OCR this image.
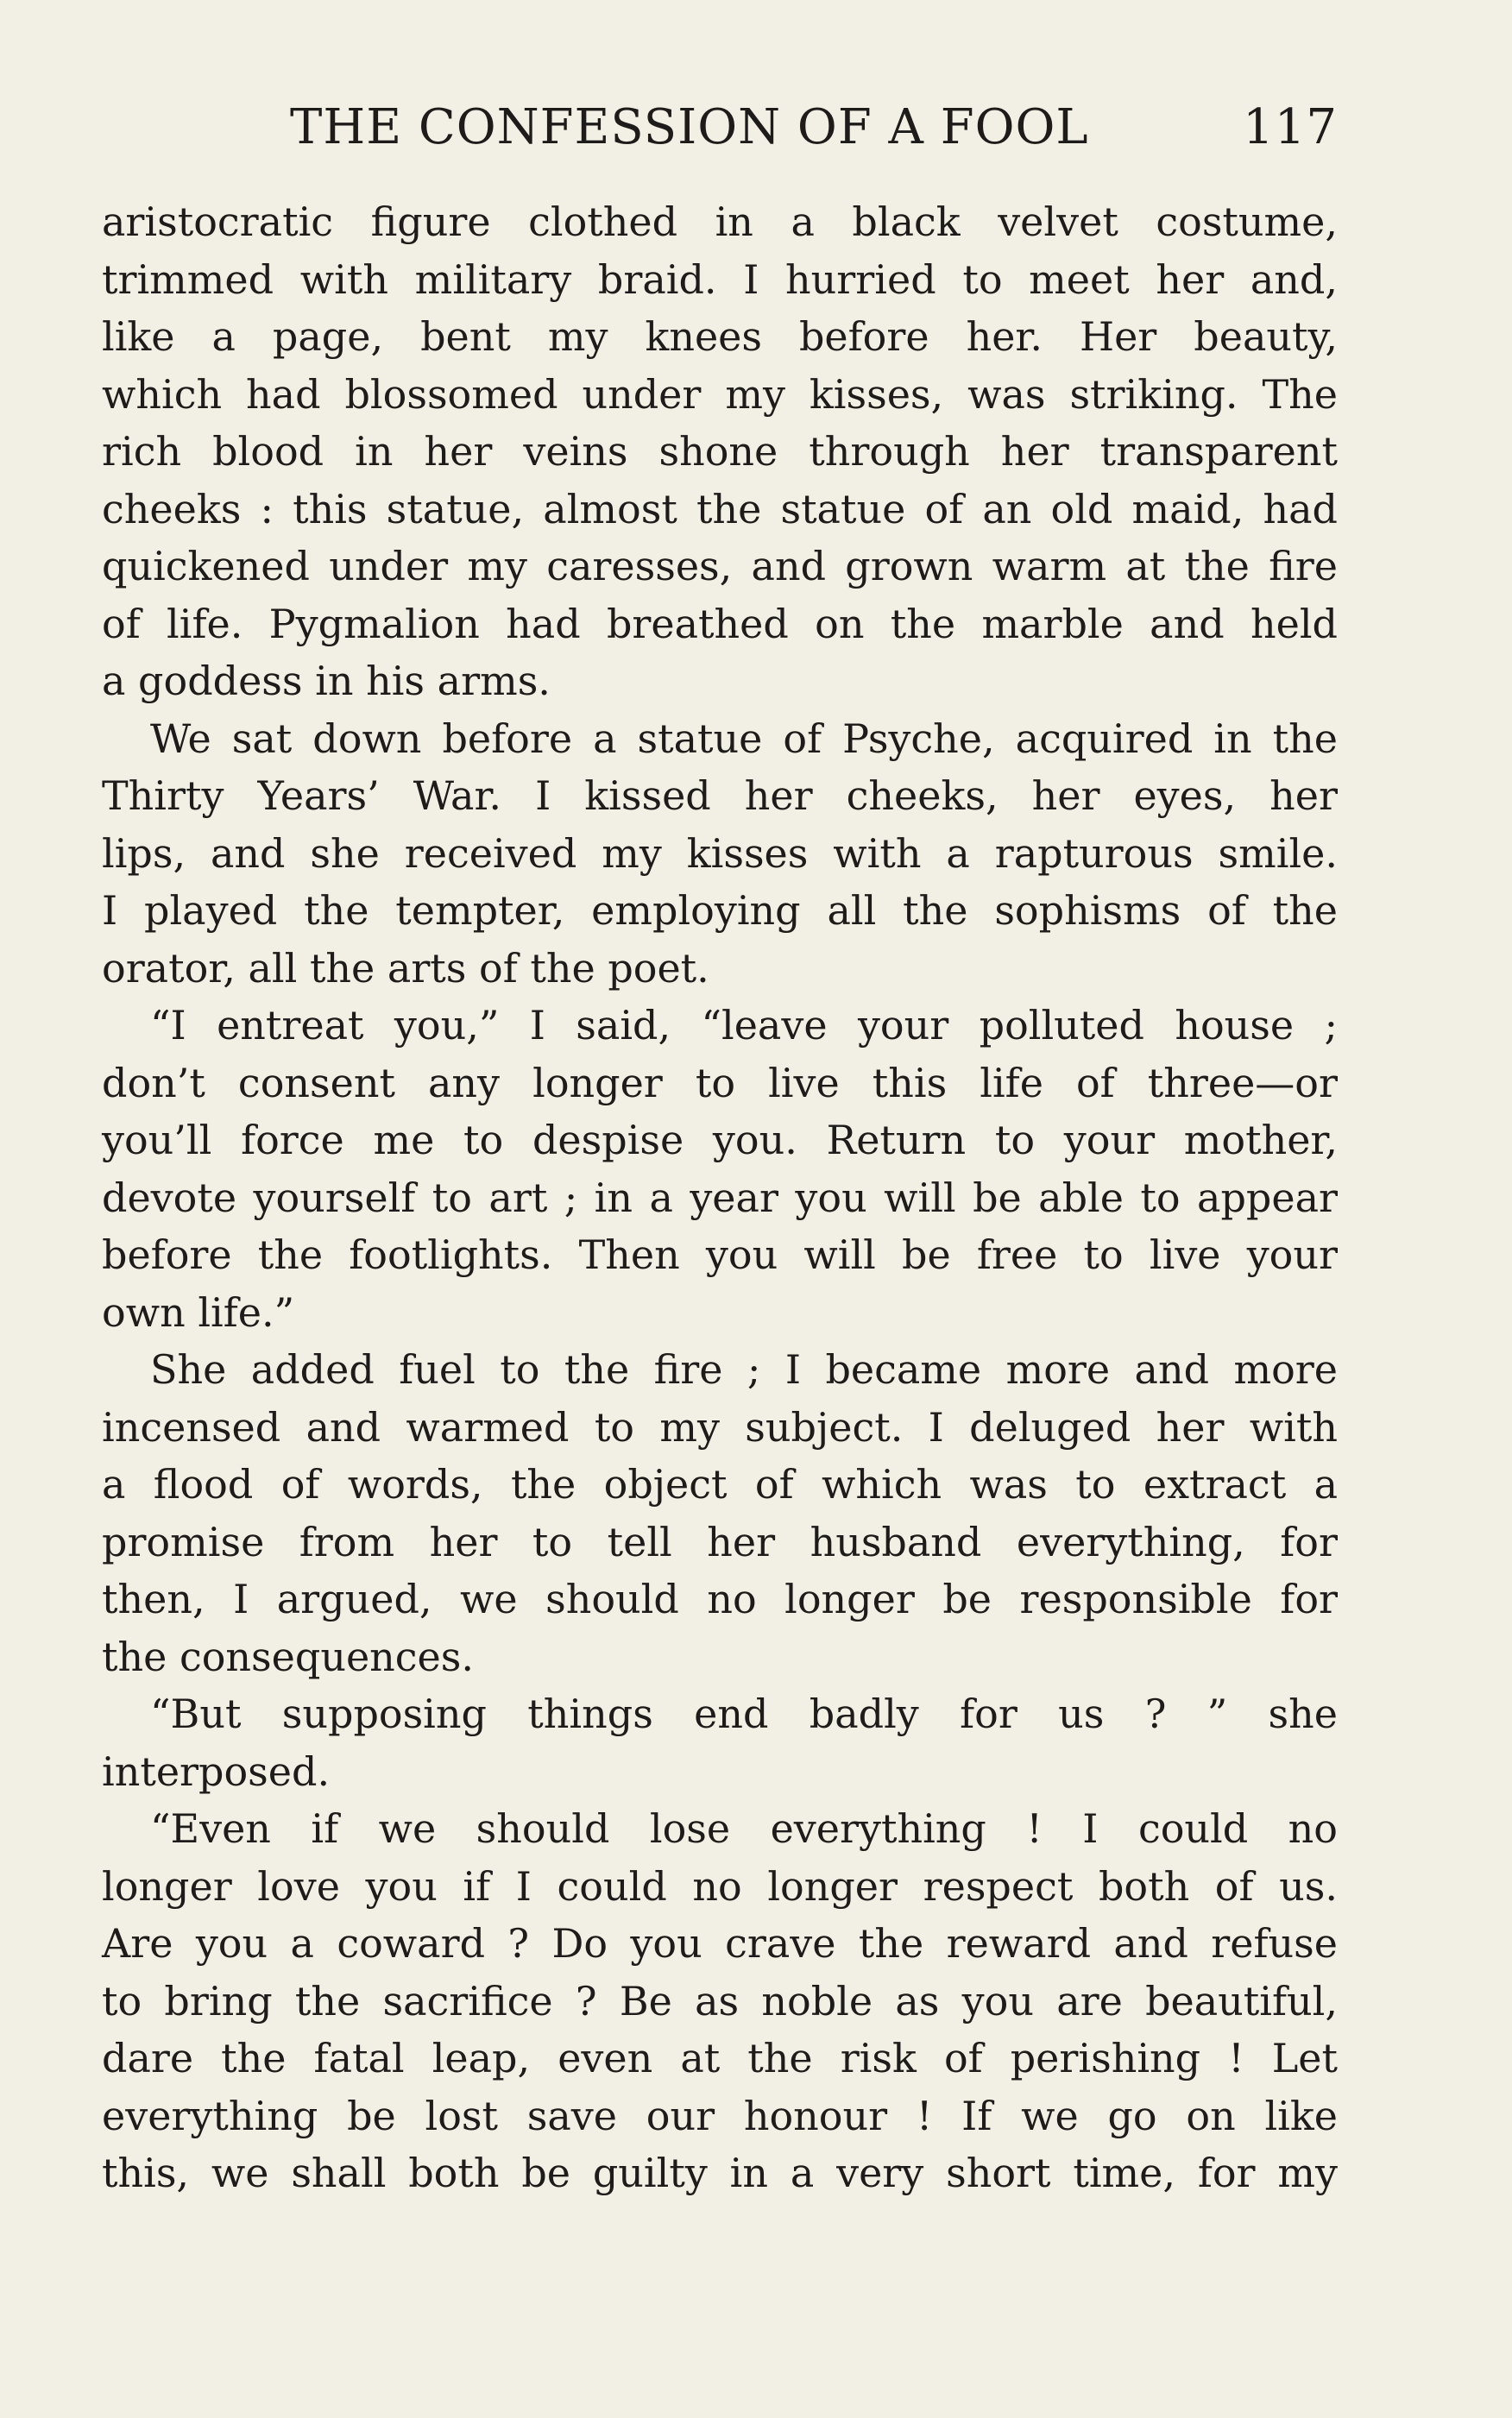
THE CONFESSION OF A FOOL	117
aristocratic figure clothed in a black velvet costume,
trimmed with military braid. I hurried to meet her and,
like a page, bent my knees before her. Her beauty,
which had blossomed under my kisses, was striking. The
rich blood in her veins shone through her transparent
cheeks : this statue, almost the statue of an old maid, had
quickened under my caresses, and grown warm at the fire
of life. Pygmalion had breathed on the marble and held
a goddess in his arms.
We sat down before a statue of Psyche, acquired in the
Thirty Years’ War. I kissed her cheeks, her eyes, her
lips, and she received my kisses with a rapturous smile.
I played the tempter, employing all the sophisms of the
orator, all the arts of the poet.
“I entreat you,” I said, “leave your polluted house ;
don’t consent any longer to live this life of three—or
you’ll force me to despise you. Return to your mother,
devote yourself to art ; in a year you will be able to appear
before the footlights. Then you will be free to live your
own life.”
She added fuel to the fire ; I became more and more
incensed and warmed to my subject. I deluged her with
a flood of words, the object of which was to extract a
promise from her to tell her husband everything, for
then, I argued, we should no longer be responsible for
the consequences.
“But supposing things end badly for us ? ” she
interposed.
“Even if we should lose everything ! I could no
longer love you if I could no longer respect both of us.
Are you a coward ? Do you crave the reward and refuse
to bring the sacrifice ? Be as noble as you are beautiful,
dare the fatal leap, even at the risk of perishing ! Let
everything be lost save our honour ! If we go on like
this, we shall both be guilty in a very short time, for my
